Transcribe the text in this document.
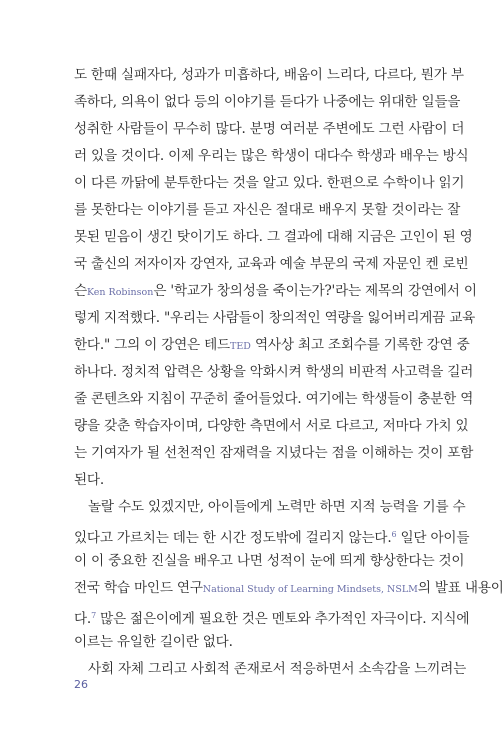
도 한때 실패자다, 성과가 미흡하다, 배움이 느리다, 다르다, 뭔가 부
족하다, 의욕이 없다 등의 이야기를 듣다가 나중에는 위대한 일들을
성취한 사람들이 무수히 많다. 분명 여러분 주변에도 그런 사람이 더
러 있을 것이다. 이제 우리는 많은 학생이 대다수 학생과 배우는 방식
이 다른 까닭에 분투한다는 것을 알고 있다. 한편으로 수학이나 읽기
를 못한다는 이야기를 듣고 자신은 절대로 배우지 못할 것이라는 잘
못된 믿음이 생긴 탓이기도 하다. 그 결과에 대해 지금은 고인이 된 영
국 출신의 저자이자 강연자, 교육과 예술 부문의 국제 자문인 켄 로빈
슨Ken Robinson은 '학교가 창의성을 죽이는가?'라는 제목의 강연에서 이
렇게 지적했다. "우리는 사람들이 창의적인 역량을 잃어버리게끔 교육
한다." 그의 이 강연은 테드TED 역사상 최고 조회수를 기록한 강연 중
하나다. 정치적 압력은 상황을 악화시켜 학생의 비판적 사고력을 길러
줄 콘텐츠와 지침이 꾸준히 줄어들었다. 여기에는 학생들이 충분한 역
량을 갖춘 학습자이며, 다양한 측면에서 서로 다르고, 저마다 가치 있
는 기여자가 될 선천적인 잠재력을 지녔다는 점을 이해하는 것이 포함
된다.
놀랄 수도 있겠지만, 아이들에게 노력만 하면 지적 능력을 기를 수
있다고 가르치는 데는 한 시간 정도밖에 걸리지 않는다.$^6$ 일단 아이들
이 이 중요한 진실을 배우고 나면 성적이 눈에 띄게 향상한다는 것이
전국 학습 마인드 연구National Study of Learning Mindsets, NSLM의 발표 내용이
다.$^7$ 많은 젊은이에게 필요한 것은 멘토와 추가적인 자극이다. 지식에
이르는 유일한 길이란 없다.
사회 자체 그리고 사회적 존재로서 적응하면서 소속감을 느끼려는
26
